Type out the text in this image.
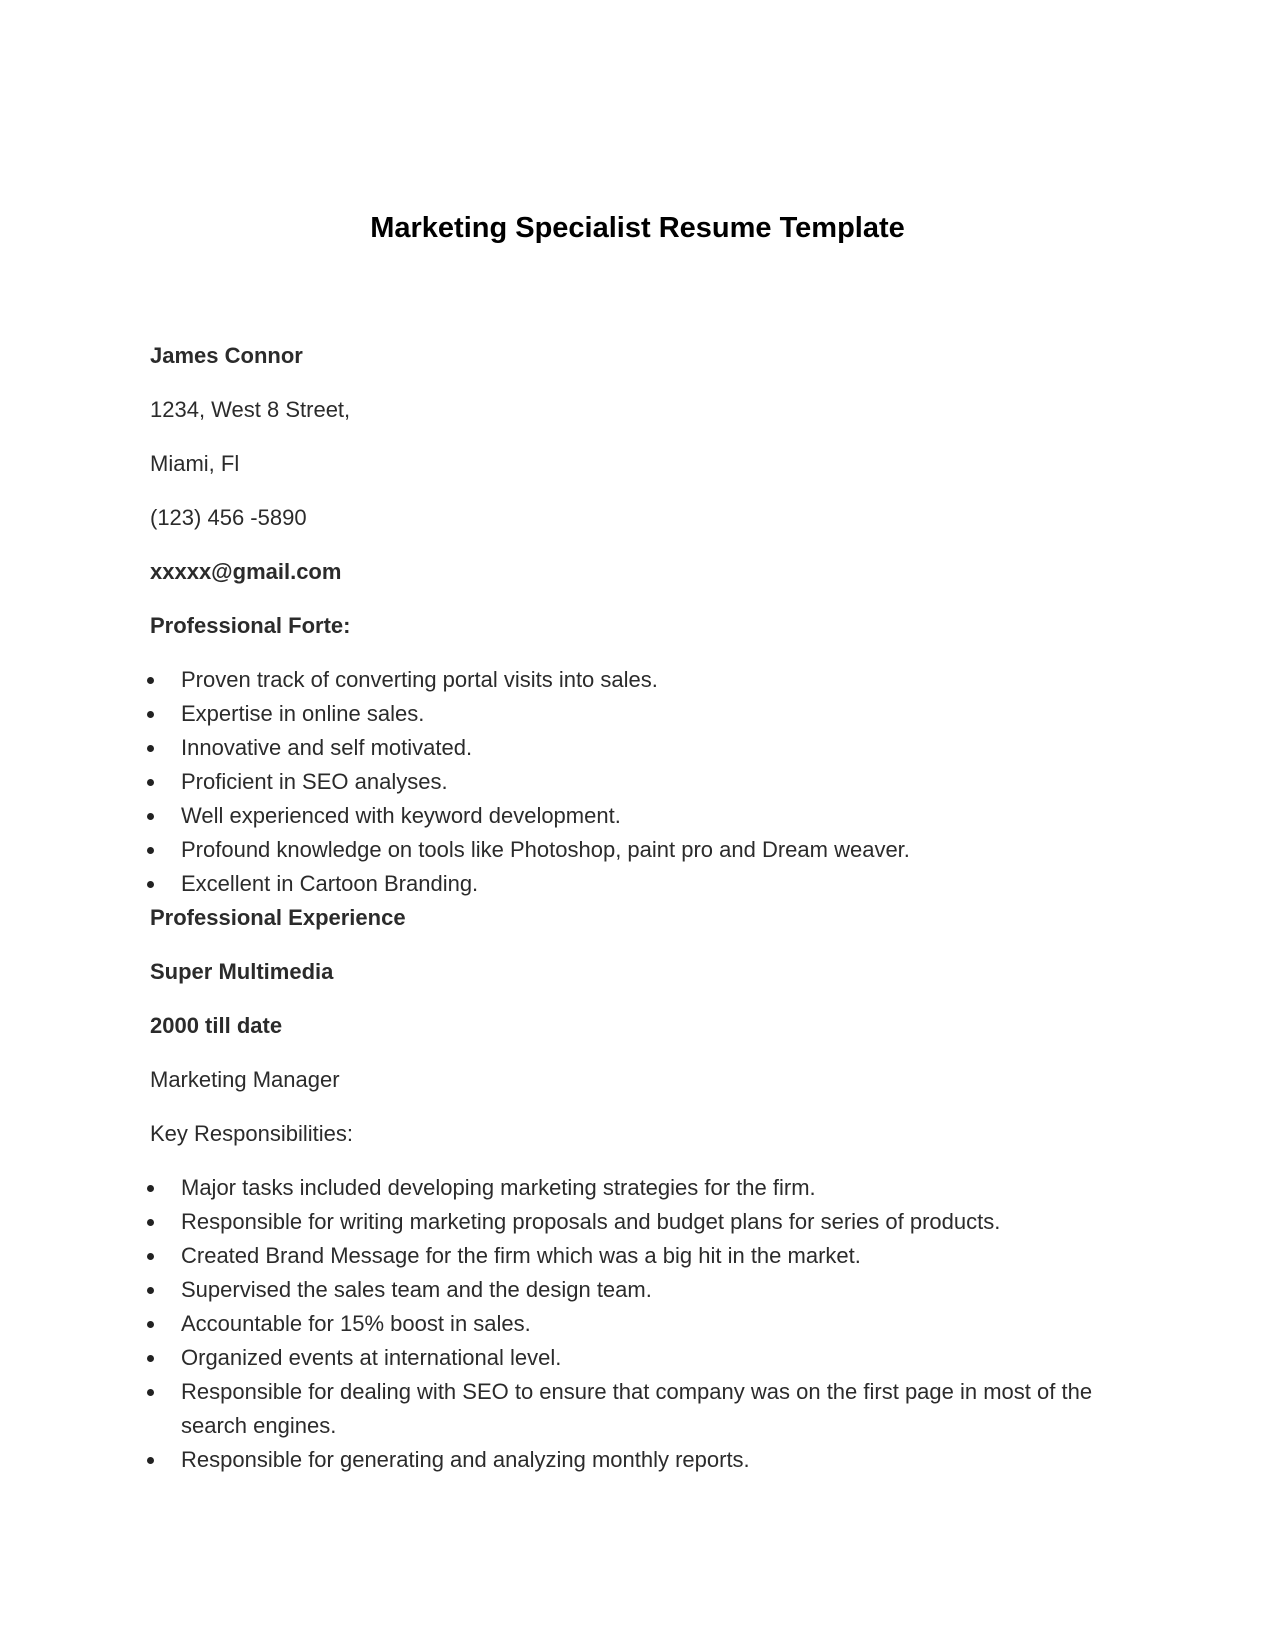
Marketing Specialist Resume Template
James Connor
1234, West 8 Street,
Miami, Fl
(123) 456 -5890
xxxxx@gmail.com
Professional Forte:
Proven track of converting portal visits into sales.
Expertise in online sales.
Innovative and self motivated.
Proficient in SEO analyses.
Well experienced with keyword development.
Profound knowledge on tools like Photoshop, paint pro and Dream weaver.
Excellent in Cartoon Branding.
Professional Experience
Super Multimedia
2000 till date
Marketing Manager
Key Responsibilities:
Major tasks included developing marketing strategies for the firm.
Responsible for writing marketing proposals and budget plans for series of products.
Created Brand Message for the firm which was a big hit in the market.
Supervised the sales team and the design team.
Accountable for 15% boost in sales.
Organized events at international level.
Responsible for dealing with SEO to ensure that company was on the first page in most of the search engines.
Responsible for generating and analyzing monthly reports.
